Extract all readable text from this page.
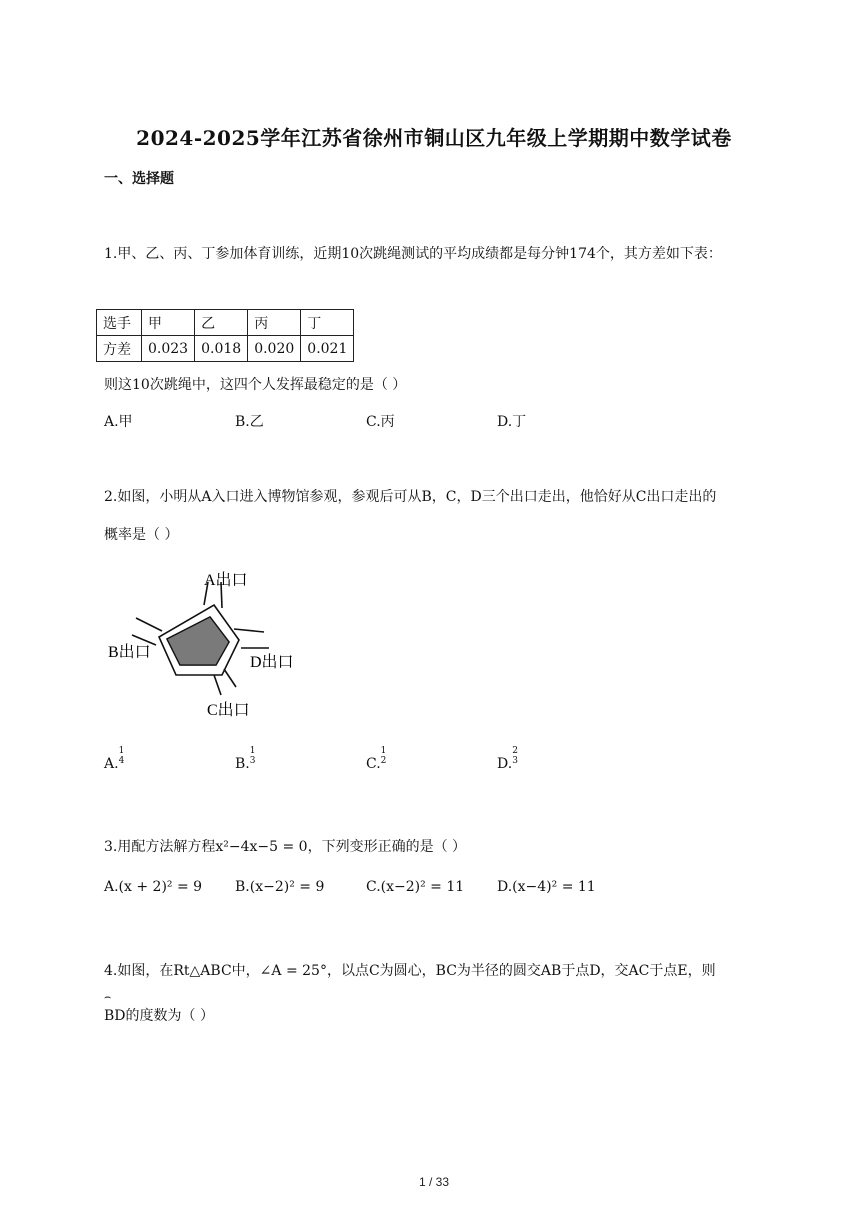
2024-2025学年江苏省徐州市铜山区九年级上学期期中数学试卷
一、选择题
1.甲、乙、丙、丁参加体育训练，近期10次跳绳测试的平均成绩都是每分钟174个，其方差如下表：
选手	甲	乙	丙	丁
方差	0.023	0.018	0.020	0.021
则这10次跳绳中，这四个人发挥最稳定的是（ ）
A.甲	B.乙	C.丙	D.丁
2.如图，小明从A入口进入博物馆参观，参观后可从B，C，D三个出口走出，他恰好从C出口走出的
概率是（ ）
A出口
B出口
C出口
D出口
A.
1
4	B.
1
3	C.
1
2	D.
2
3
3.用配方法解方程x²−4x−5 = 0，下列变形正确的是（ ）
A.(x + 2)² = 9 B.(x−2)² = 9	C.(x−2)² = 11 D.(x−4)² = 11
4.如图，在Rt△ABC中，∠A = 25°，以点C为圆心，BC为半径的圆交AB于点D，交AC于点E，则
⌢
BD的度数为（ ）
1 / 33
